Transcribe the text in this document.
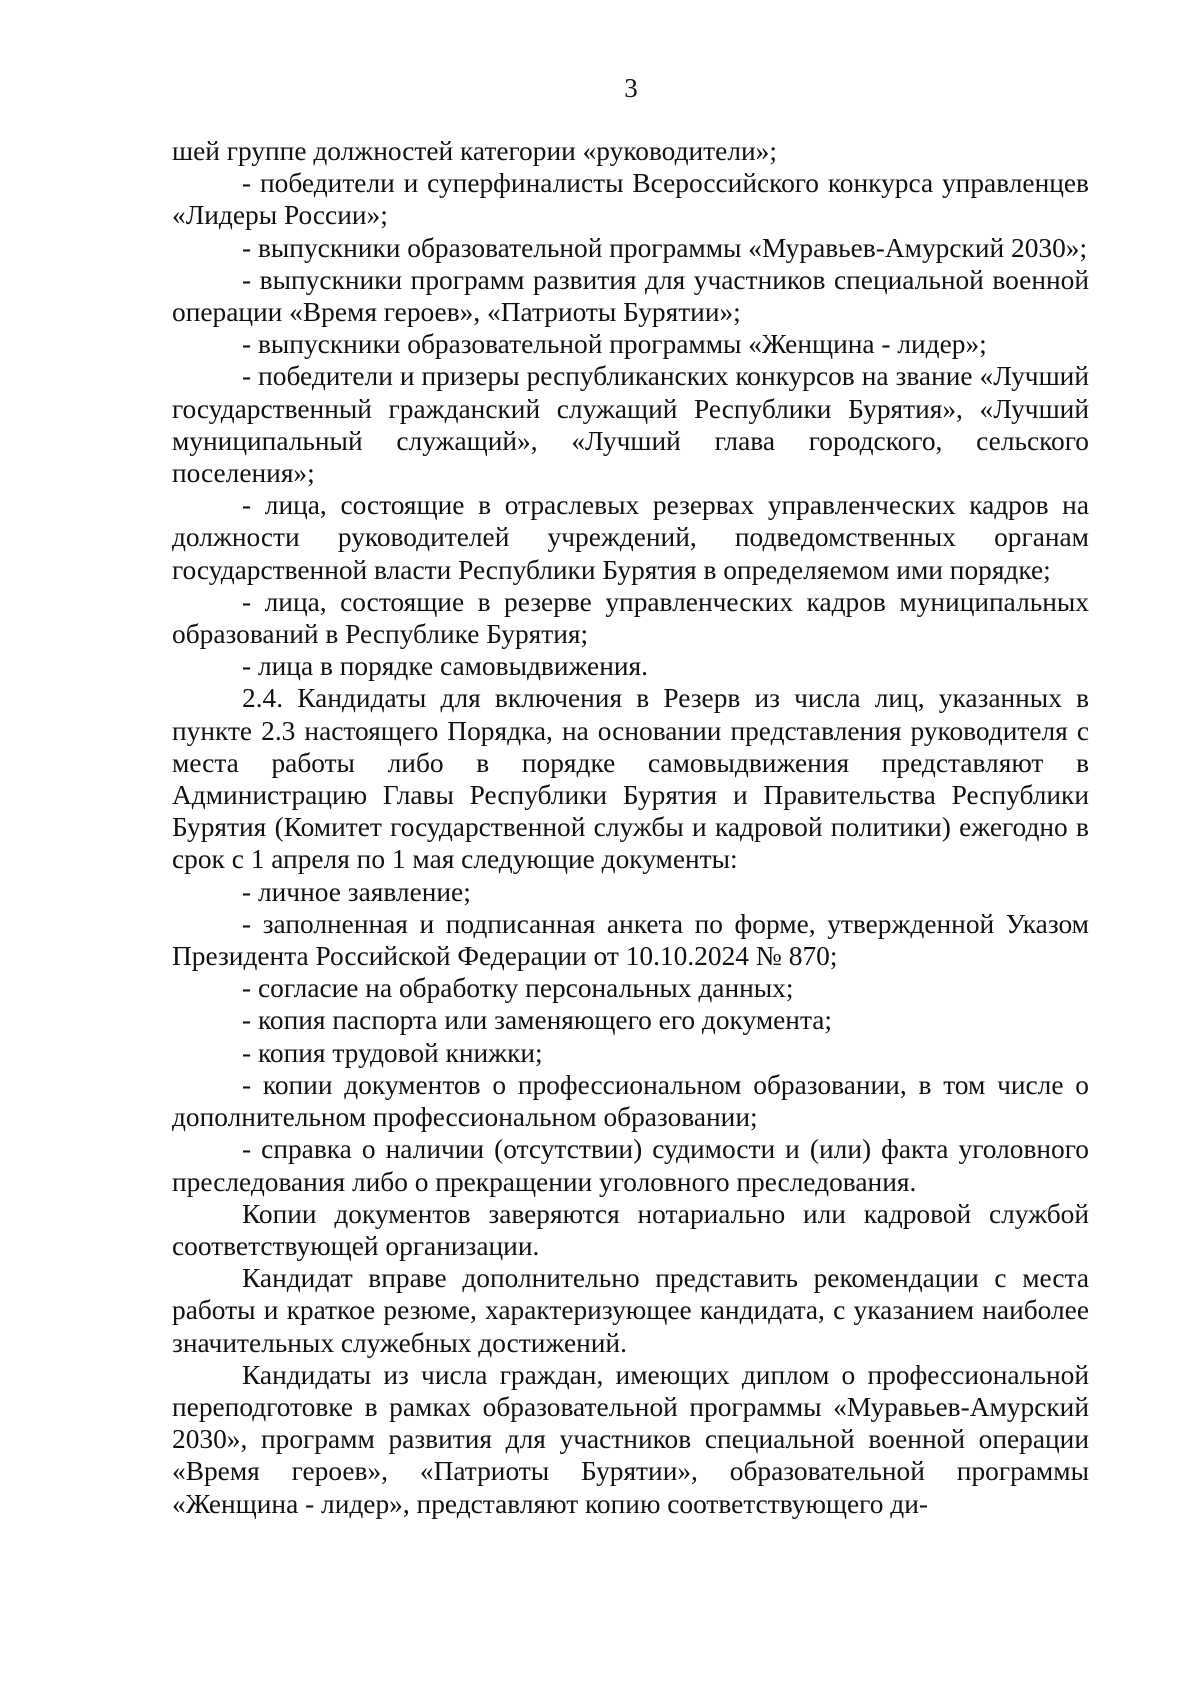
3

шей группе должностей категории «руководители»;

- победители и суперфиналисты Всероссийского конкурса управленцев «Лидеры России»;

- выпускники образовательной программы «Муравьев-Амурский 2030»;

- выпускники программ развития для участников специальной военной операции «Время героев», «Патриоты Бурятии»;

- выпускники образовательной программы «Женщина - лидер»;

- победители и призеры республиканских конкурсов на звание «Лучший государственный гражданский служащий Республики Бурятия», «Лучший муниципальный служащий», «Лучший глава городского, сельского поселения»;

- лица, состоящие в отраслевых резервах управленческих кадров на должности руководителей учреждений, подведомственных органам государственной власти Республики Бурятия в определяемом ими порядке;

- лица, состоящие в резерве управленческих кадров муниципальных образований в Республике Бурятия;

- лица в порядке самовыдвижения.

2.4. Кандидаты для включения в Резерв из числа лиц, указанных в пункте 2.3 настоящего Порядка, на основании представления руководителя с места работы либо в порядке самовыдвижения представляют в Администрацию Главы Республики Бурятия и Правительства Республики Бурятия (Комитет государственной службы и кадровой политики) ежегодно в срок с 1 апреля по 1 мая следующие документы:

- личное заявление;

- заполненная и подписанная анкета по форме, утвержденной Указом Президента Российской Федерации от 10.10.2024 № 870;

- согласие на обработку персональных данных;

- копия паспорта или заменяющего его документа;

- копия трудовой книжки;

- копии документов о профессиональном образовании, в том числе о дополнительном профессиональном образовании;

- справка о наличии (отсутствии) судимости и (или) факта уголовного преследования либо о прекращении уголовного преследования.

Копии документов заверяются нотариально или кадровой службой соответствующей организации.

Кандидат вправе дополнительно представить рекомендации с места работы и краткое резюме, характеризующее кандидата, с указанием наиболее значительных служебных достижений.

Кандидаты из числа граждан, имеющих диплом о профессиональной переподготовке в рамках образовательной программы «Муравьев-Амурский 2030», программ развития для участников специальной военной операции «Время героев», «Патриоты Бурятии», образовательной программы «Женщина - лидер», представляют копию соответствующего ди-
